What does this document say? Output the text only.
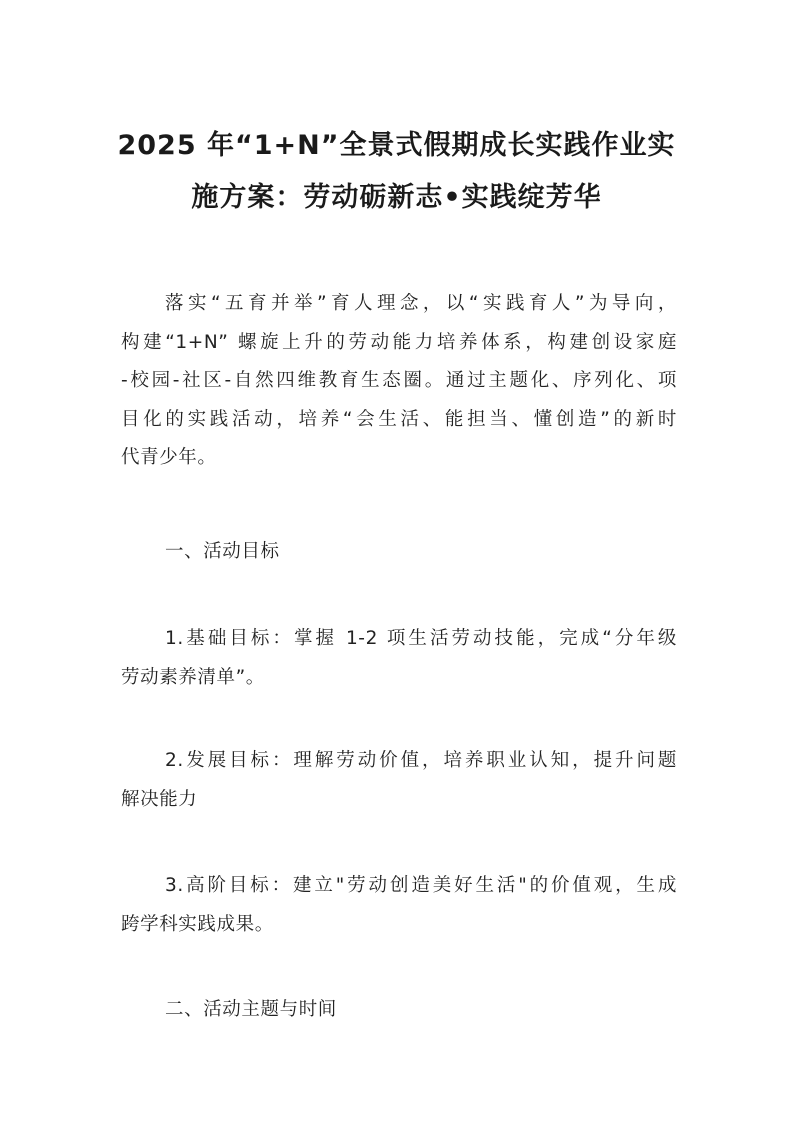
2025 年“1+N”全景式假期成长实践作业实
施方案：劳动砺新志•实践绽芳华
落实“五育并举”育人理念，以“实践育人”为导向，
构建“1+N” 螺旋上升的劳动能力培养体系，构建创设家庭
-校园-社区-自然四维教育生态圈。通过主题化、序列化、项
目化的实践活动，培养“会生活、能担当、懂创造”的新时
代青少年。
一、活动目标
1.基础目标：掌握 1-2 项生活劳动技能，完成“分年级
劳动素养清单”。
2.发展目标：理解劳动价值，培养职业认知，提升问题
解决能力
3.高阶目标：建立"劳动创造美好生活"的价值观，生成
跨学科实践成果。
二、活动主题与时间
